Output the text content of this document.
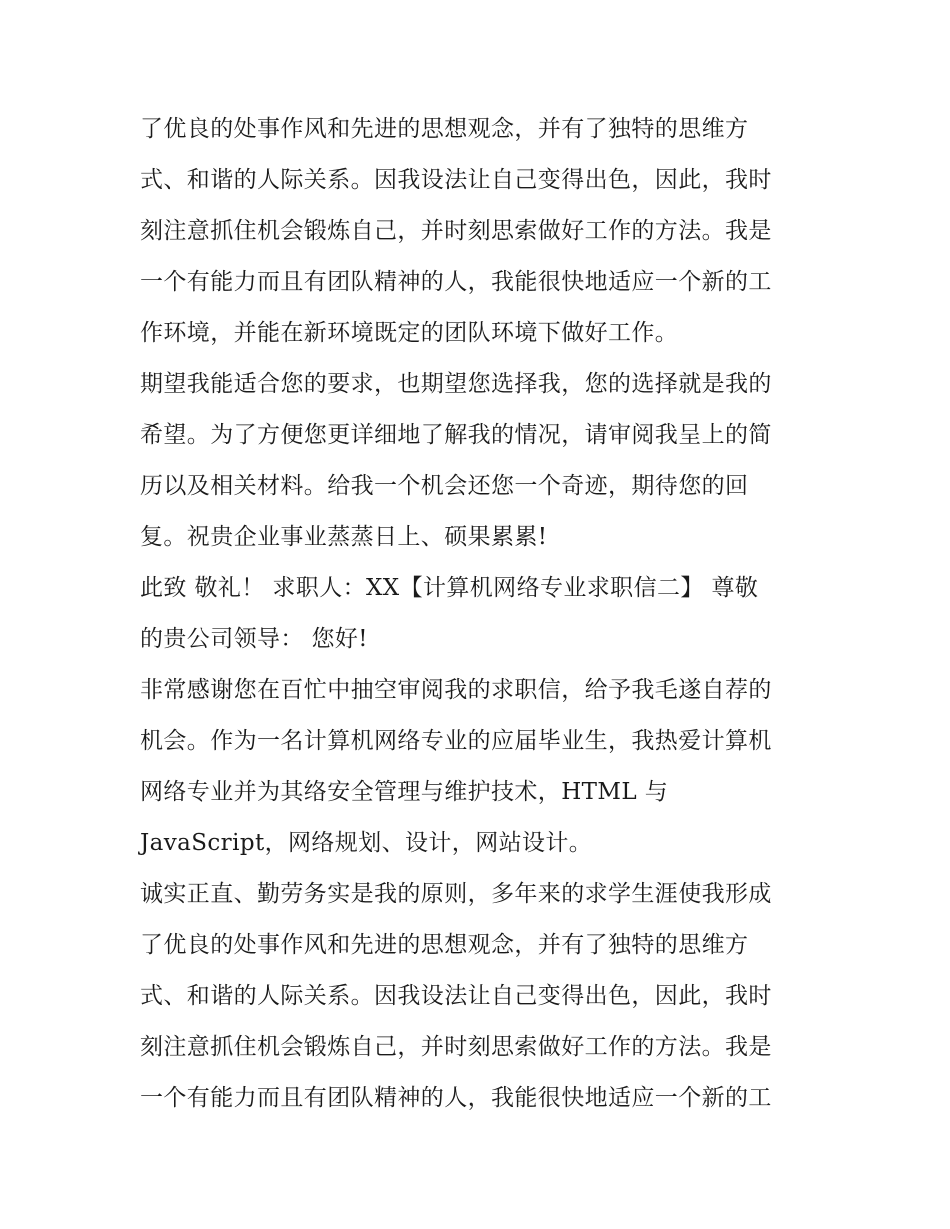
了优良的处事作风和先进的思想观念，并有了独特的思维方
式、和谐的人际关系。因我设法让自己变得出色，因此，我时
刻注意抓住机会锻炼自己，并时刻思索做好工作的方法。我是
一个有能力而且有团队精神的人，我能很快地适应一个新的工
作环境，并能在新环境既定的团队环境下做好工作。
期望我能适合您的要求，也期望您选择我，您的选择就是我的
希望。为了方便您更详细地了解我的情况，请审阅我呈上的简
历以及相关材料。给我一个机会还您一个奇迹，期待您的回
复。祝贵企业事业蒸蒸日上、硕果累累!
此致 敬礼！ 求职人：XX【计算机网络专业求职信二】 尊敬
的贵公司领导： 您好!
非常感谢您在百忙中抽空审阅我的求职信，给予我毛遂自荐的
机会。作为一名计算机网络专业的应届毕业生，我热爱计算机
网络专业并为其络安全管理与维护技术，HTML 与
JavaScript，网络规划、设计，网站设计。
诚实正直、勤劳务实是我的原则，多年来的求学生涯使我形成
了优良的处事作风和先进的思想观念，并有了独特的思维方
式、和谐的人际关系。因我设法让自己变得出色，因此，我时
刻注意抓住机会锻炼自己，并时刻思索做好工作的方法。我是
一个有能力而且有团队精神的人，我能很快地适应一个新的工
